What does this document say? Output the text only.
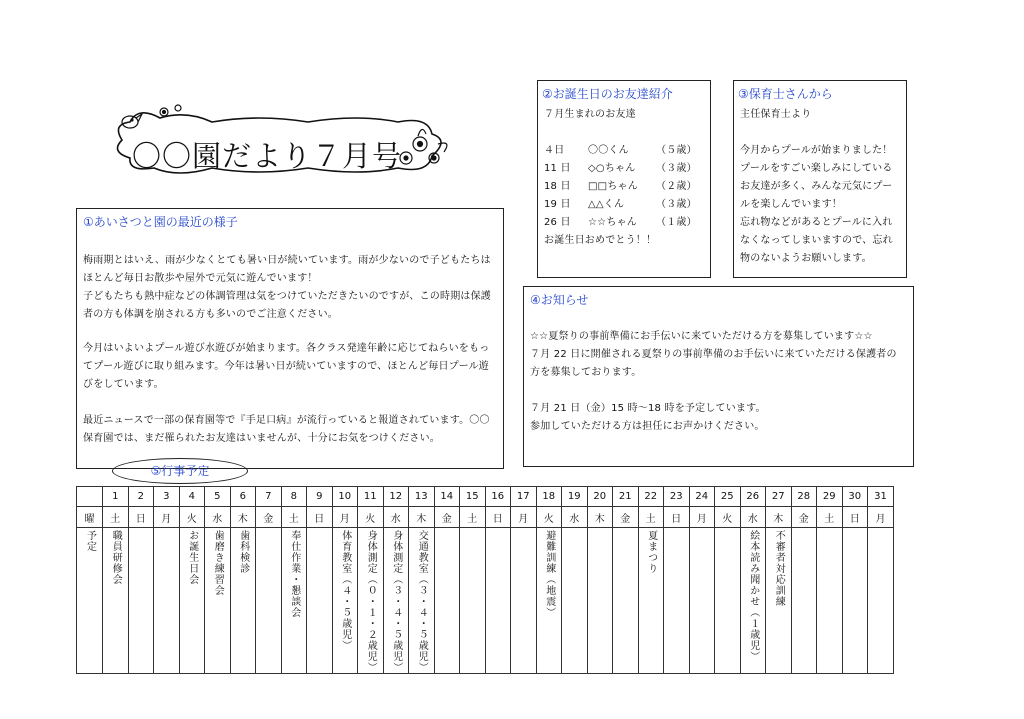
〇〇園だより７月号
①あいさつと園の最近の様子
梅雨期とはいえ、雨が少なくとても暑い日が続いています。雨が少ないので子どもたちは
ほとんど毎日お散歩や屋外で元気に遊んでいます！
子どもたちも熱中症などの体調管理は気をつけていただきたいのですが、この時期は保護
者の方も体調を崩される方も多いのでご注意ください。
今月はいよいよプール遊び水遊びが始まります。各クラス発達年齢に応じてねらいをもっ
てプール遊びに取り組みます。今年は暑い日が続いていますので、ほとんど毎日プール遊
びをしています。
最近ニュースで一部の保育園等で『手足口病』が流行っていると報道されています。〇〇
保育園では、まだ罹られたお友達はいませんが、十分にお気をつけください。
②お誕生日のお友達紹介
７月生まれのお友達
４日 〇〇くん	（５歳）
11 日 ◇○ちゃん （３歳）
18 日 □□ちゃん （２歳）
19 日 △△くん	（３歳）
26 日 ☆☆ちゃん （１歳）
お誕生日おめでとう！！
③保育士さんから
主任保育士より
今月からプールが始まりました！
プールをすごい楽しみにしている
お友達が多く、みんな元気にプー
ルを楽しんでいます！
忘れ物などがあるとプールに入れ
なくなってしまいますので、忘れ
物のないようお願いします。
④お知らせ
☆☆夏祭りの事前準備にお手伝いに来ていただける方を募集しています☆☆
７月 22 日に開催される夏祭りの事前準備のお手伝いに来ていただける保護者の
方を募集しております。
７月 21 日（金）15 時〜18 時を予定しています。
参加していただける方は担任にお声かけください。
⑤行事予定
	1	2	3	4	5	6	7	8	9	10	11	12	13	14	15	16	17	18	19	20	21	22	23	24	25	26	27	28	29	30	31
曜	土	日	月	火	水	木	金	土	日	月	火	水	木	金	土	日	月	火	水	木	金	土	日	月	火	水	木	金	土	日	月

予定	職員研修会			お誕生日会	歯磨き練習会	歯科検診		奉仕作業・懇談会		体育教室（４・５歳児）	身体測定（０・１・２歳児）	身体測定（３・４・５歳児）	交通教室（３・４・５歳児）					避難訓練（地震）				夏まつり				絵本読み聞かせ（１歳児）	不審者対応訓練				
